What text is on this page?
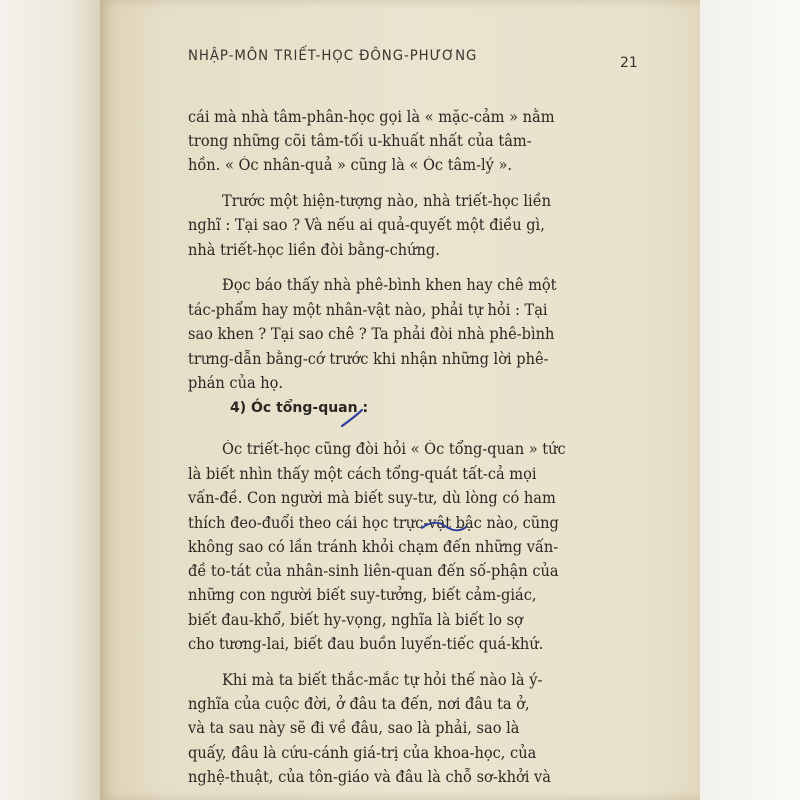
NHẬP-MÔN TRIẾT-HỌC ĐÔNG-PHƯƠNG	21
cái mà nhà tâm-phân-học gọi là « mặc-cảm » nằm
trong những cõi tâm-tối u-khuất nhất của tâm-
hồn. « Óc nhân-quả » cũng là « Óc tâm-lý ».
Trước một hiện-tượng nào, nhà triết-học liền
nghĩ : Tại sao ? Và nếu ai quả-quyết một điều gì,
nhà triết-học liền đòi bằng-chứng.
Đọc báo thấy nhà phê-bình khen hay chê một
tác-phẩm hay một nhân-vật nào, phải tự hỏi : Tại
sao khen ? Tại sao chê ? Ta phải đòi nhà phê-bình
trưng-dẫn bằng-cớ trước khi nhận những lời phê-
phán của họ.
4) Óc tổng-quan :
Óc triết-học cũng đòi hỏi « Óc tổng-quan » tức
là biết nhìn thấy một cách tổng-quát tất-cả mọi
vấn-đề. Con người mà biết suy-tư, dù lòng có ham
thích đeo-đuổi theo cái học trực-vật bậc nào, cũng
không sao có lần tránh khỏi chạm đến những vấn-
đề to-tát của nhân-sinh liên-quan đến số-phận của
những con người biết suy-tưởng, biết cảm-giác,
biết đau-khổ, biết hy-vọng, nghĩa là biết lo sợ
cho tương-lai, biết đau buồn luyến-tiếc quá-khứ.
Khi mà ta biết thắc-mắc tự hỏi thế nào là ý-
nghĩa của cuộc đời, ở đâu ta đến, nơi đâu ta ở,
và ta sau này sẽ đi về đâu, sao là phải, sao là
quấy, đâu là cứu-cánh giá-trị của khoa-học, của
nghệ-thuật, của tôn-giáo và đâu là chỗ sơ-khởi và
